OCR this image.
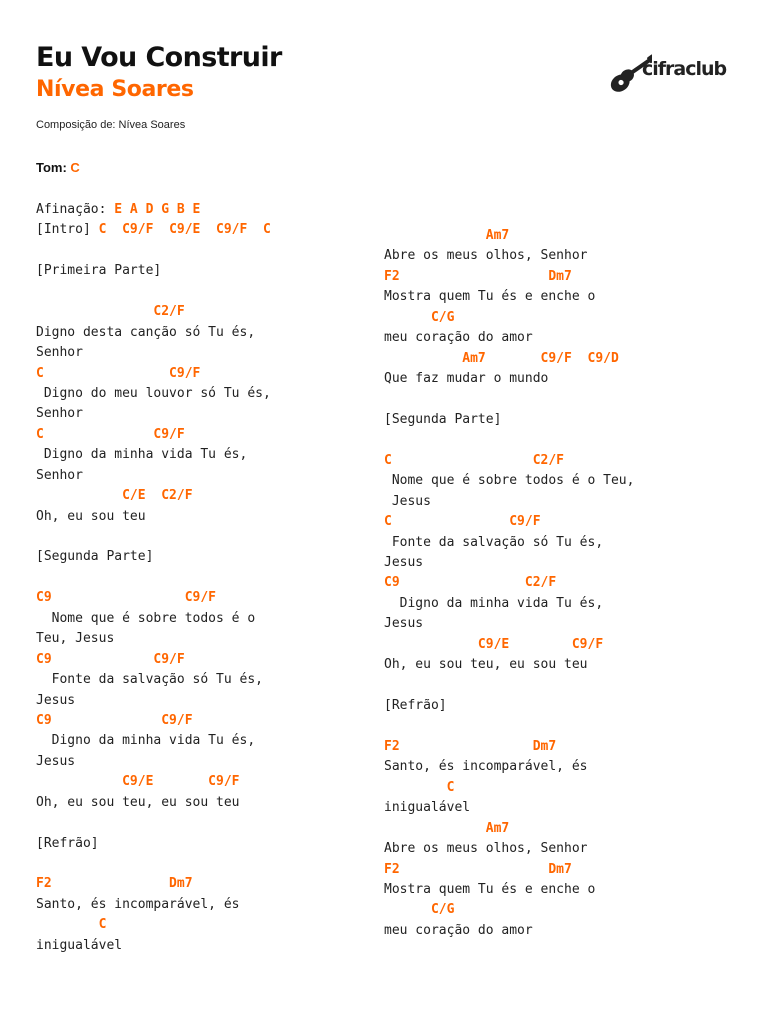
Eu Vou Construir
Nívea Soares
Composição de: Nívea Soares
cifraclub
Tom: C
Afinação: E A D G B E
[Intro] C  C9/F  C9/E  C9/F  C
[Primeira Parte]
C2/F
Digno desta canção só Tu és,
Senhor
C                C9/F
Digno do meu louvor só Tu és,
Senhor
C              C9/F
Digno da minha vida Tu és,
Senhor
C/E  C2/F
Oh, eu sou teu
[Segunda Parte]
C9                 C9/F
Nome que é sobre todos é o
Teu, Jesus
C9             C9/F
Fonte da salvação só Tu és,
Jesus
C9              C9/F
Digno da minha vida Tu és,
Jesus
C9/E       C9/F
Oh, eu sou teu, eu sou teu
[Refrão]
F2               Dm7
Santo, és incomparável, és
C
inigualável
Am7
Abre os meus olhos, Senhor
F2                   Dm7
Mostra quem Tu és e enche o
C/G
meu coração do amor
Am7       C9/F  C9/D
Que faz mudar o mundo
[Segunda Parte]
C                  C2/F
Nome que é sobre todos é o Teu,
Jesus
C               C9/F
Fonte da salvação só Tu és,
Jesus
C9                C2/F
Digno da minha vida Tu és,
Jesus
C9/E        C9/F
Oh, eu sou teu, eu sou teu
[Refrão]
F2                 Dm7
Santo, és incomparável, és
C
inigualável
Am7
Abre os meus olhos, Senhor
F2                   Dm7
Mostra quem Tu és e enche o
C/G
meu coração do amor
